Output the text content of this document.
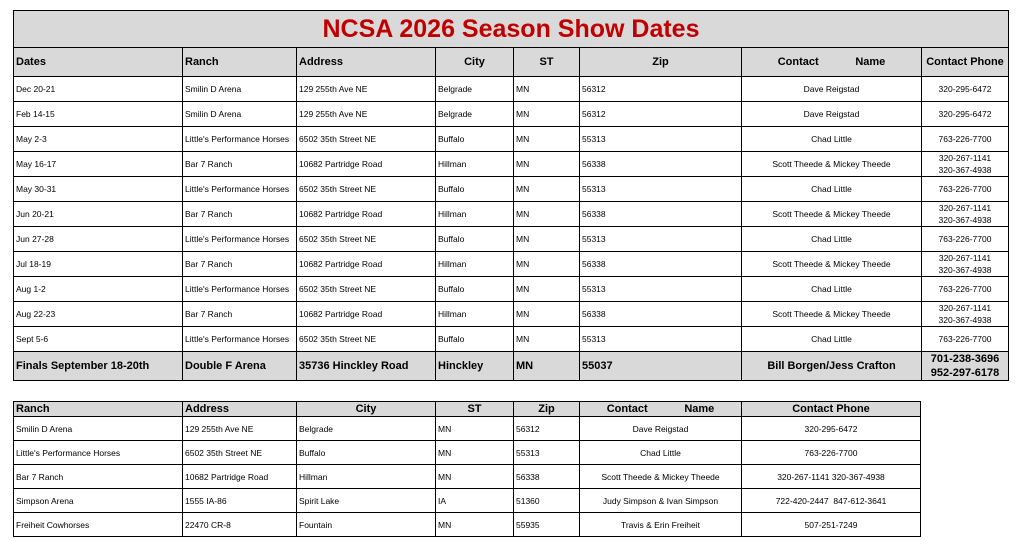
NCSA 2026 Season Show Dates							
Dates	Ranch	Address	City	ST	Zip	Contact            Name	Contact Phone
Dec 20-21	Smilin D Arena	129 255th Ave NE	Belgrade	MN	56312	Dave Reigstad	320-295-6472

Feb 14-15	Smilin D Arena	129 255th Ave NE	Belgrade	MN	56312	Dave Reigstad	320-295-6472

May 2-3	Little's Performance Horses	6502 35th Street NE	Buffalo	MN	55313	Chad Little	763-226-7700

May 16-17	Bar 7 Ranch	10682 Partridge Road	Hillman	MN	56338	Scott Theede & Mickey Theede	320-267-1141
320-367-4938

May 30-31	Little's Performance Horses	6502 35th Street NE	Buffalo	MN	55313	Chad Little	763-226-7700

Jun 20-21	Bar 7 Ranch	10682 Partridge Road	Hillman	MN	56338	Scott Theede & Mickey Theede	320-267-1141
320-367-4938

Jun 27-28	Little's Performance Horses	6502 35th Street NE	Buffalo	MN	55313	Chad Little	763-226-7700

Jul 18-19	Bar 7 Ranch	10682 Partridge Road	Hillman	MN	56338	Scott Theede & Mickey Theede	320-267-1141
320-367-4938

Aug 1-2	Little's Performance Horses	6502 35th Street NE	Buffalo	MN	55313	Chad Little	763-226-7700

Aug 22-23	Bar 7 Ranch	10682 Partridge Road	Hillman	MN	56338	Scott Theede & Mickey Theede	320-267-1141
320-367-4938

Sept 5-6	Little's Performance Horses	6502 35th Street NE	Buffalo	MN	55313	Chad Little	763-226-7700

Finals September 18-20th	Double F Arena	35736 Hinckley Road	Hinckley	MN	55037	Bill Borgen/Jess Crafton	701-238-3696
952-297-6178
Ranch	Address	City	ST	Zip	Contact            Name	Contact Phone
Smilin D Arena	129 255th Ave NE	Belgrade	MN	56312	Dave Reigstad	320-295-6472
Little's Performance Horses	6502 35th Street NE	Buffalo	MN	55313	Chad Little	763-226-7700
Bar 7 Ranch	10682 Partridge Road	Hillman	MN	56338	Scott Theede & Mickey Theede	320-267-1141 320-367-4938
Simpson Arena	1555 IA-86	Spirit Lake	IA	51360	Judy Simpson & Ivan Simpson	722-420-2447  847-612-3641
Freiheit Cowhorses	22470 CR-8	Fountain	MN	55935	Travis & Erin Freiheit	507-251-7249
